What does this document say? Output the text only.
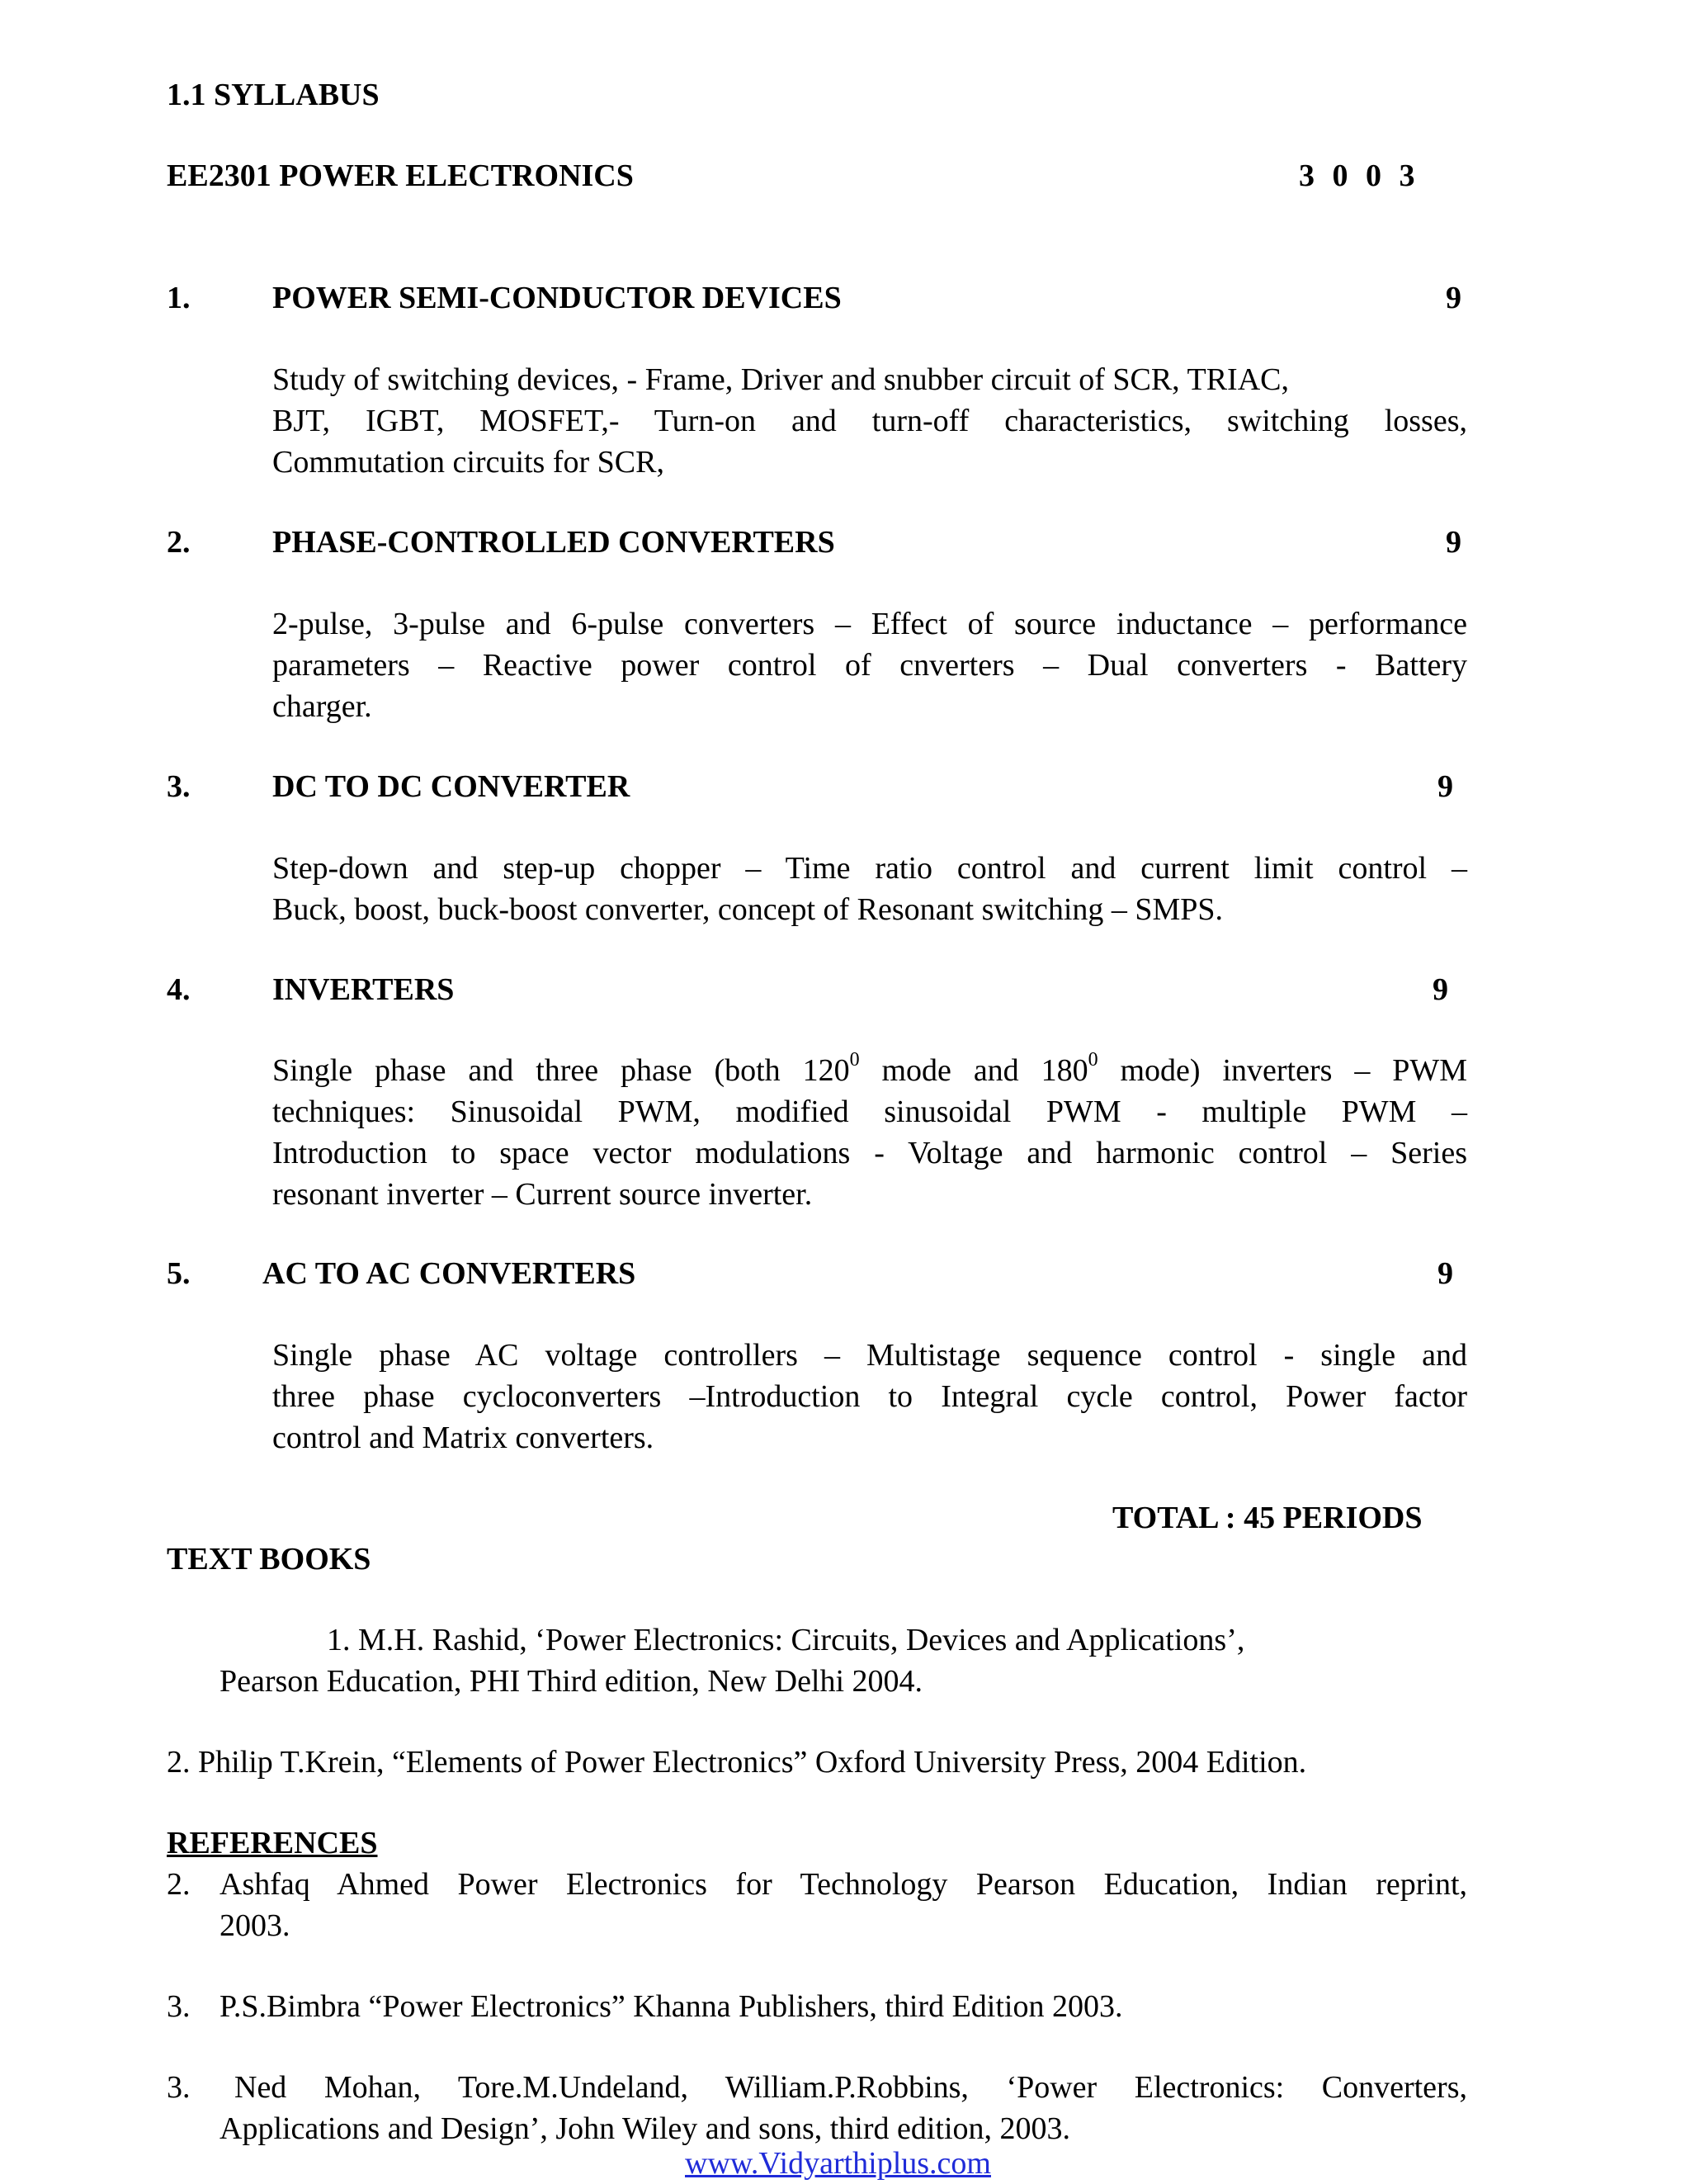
1.1 SYLLABUS
EE2301 POWER ELECTRONICS	3 0 0 3
1.	POWER SEMI-CONDUCTOR DEVICES	9
Study of switching devices, - Frame, Driver and snubber circuit of SCR, TRIAC,
BJT, IGBT, MOSFET,- Turn-on and turn-off characteristics, switching losses,
Commutation circuits for SCR,
2.	PHASE-CONTROLLED CONVERTERS	9
2-pulse, 3-pulse and 6-pulse converters – Effect of source inductance – performance
parameters – Reactive power control of cnverters – Dual converters - Battery
charger.
3.	DC TO DC CONVERTER	9
Step-down and step-up chopper – Time ratio control and current limit control –
Buck, boost, buck-boost converter, concept of Resonant switching – SMPS.
4.	INVERTERS	9
Single phase and three phase (both $120^0$ mode and $180^0$ mode) inverters – PWM
techniques: Sinusoidal PWM, modified sinusoidal PWM - multiple PWM –
Introduction to space vector modulations - Voltage and harmonic control – Series
resonant inverter – Current source inverter.
5. AC TO AC CONVERTERS	9
Single phase AC voltage controllers – Multistage sequence control - single and
three phase cycloconverters –Introduction to Integral cycle control, Power factor
control and Matrix converters.
TOTAL : 45 PERIODS
TEXT BOOKS
1. M.H. Rashid, ‘Power Electronics: Circuits, Devices and Applications’,
Pearson Education, PHI Third edition, New Delhi 2004.
2. Philip T.Krein, “Elements of Power Electronics” Oxford University Press, 2004 Edition.
REFERENCES
2. Ashfaq Ahmed Power Electronics for Technology Pearson Education, Indian reprint,
2003.
3. P.S.Bimbra “Power Electronics” Khanna Publishers, third Edition 2003.
3. Ned Mohan, Tore.M.Undeland, William.P.Robbins, ‘Power Electronics: Converters,
Applications and Design’, John Wiley and sons, third edition, 2003.
www.Vidyarthiplus.com
